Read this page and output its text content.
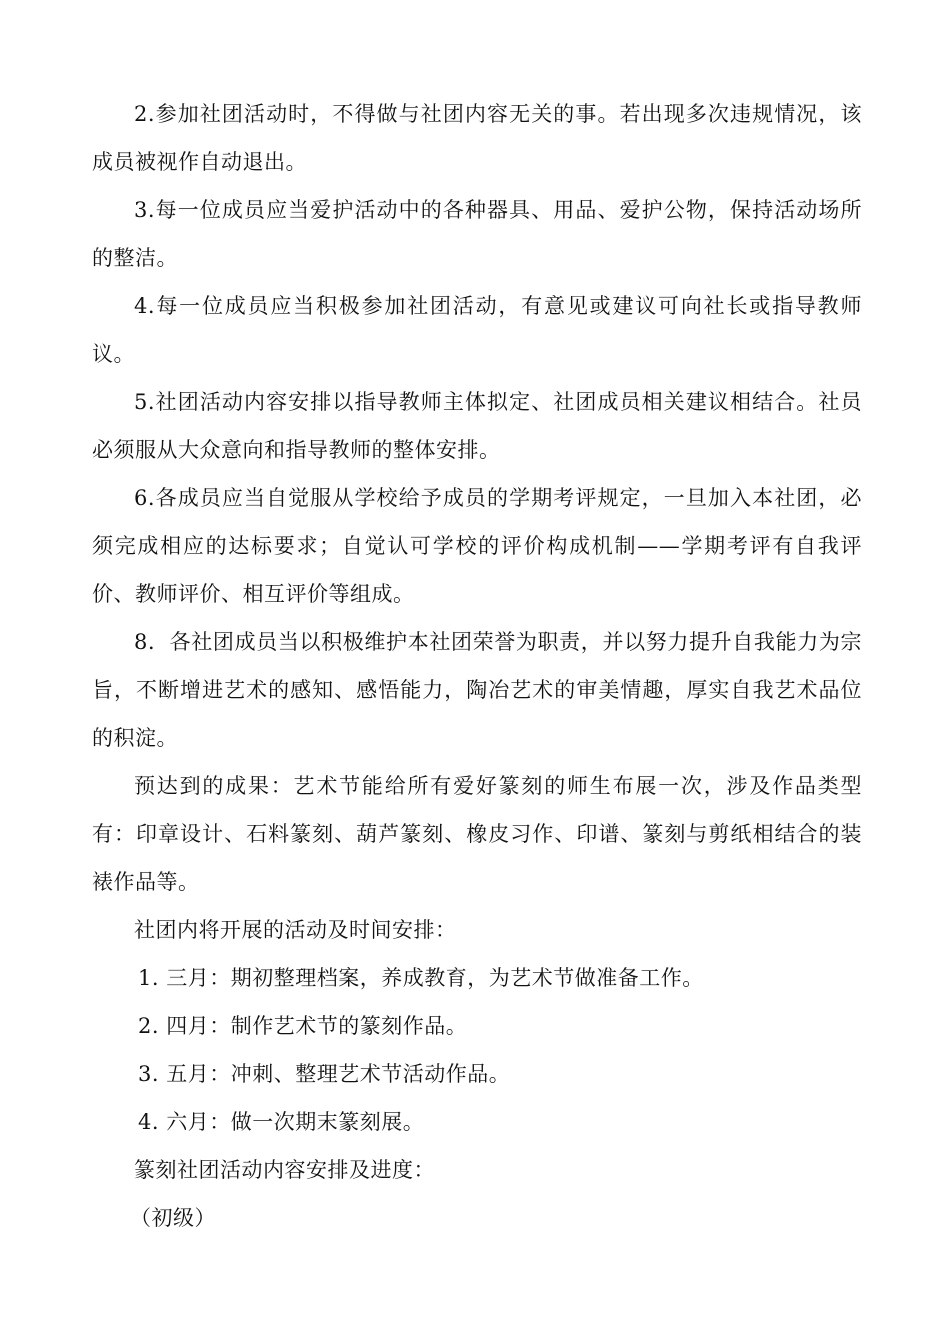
2.参加社团活动时，不得做与社团内容无关的事。若出现多次违规情况，该成员被视作自动退出。

3.每一位成员应当爱护活动中的各种器具、用品、爱护公物，保持活动场所的整洁。

4.每一位成员应当积极参加社团活动，有意见或建议可向社长或指导教师议。

5.社团活动内容安排以指导教师主体拟定、社团成员相关建议相结合。社员必须服从大众意向和指导教师的整体安排。

6.各成员应当自觉服从学校给予成员的学期考评规定，一旦加入本社团，必须完成相应的达标要求；自觉认可学校的评价构成机制——学期考评有自我评价、教师评价、相互评价等组成。

8．各社团成员当以积极维护本社团荣誉为职责，并以努力提升自我能力为宗旨，不断增进艺术的感知、感悟能力，陶冶艺术的审美情趣，厚实自我艺术品位的积淀。

预达到的成果：艺术节能给所有爱好篆刻的师生布展一次，涉及作品类型有：印章设计、石料篆刻、葫芦篆刻、橡皮习作、印谱、篆刻与剪纸相结合的装裱作品等。

社团内将开展的活动及时间安排：

1. 三月：期初整理档案，养成教育，为艺术节做准备工作。

2. 四月：制作艺术节的篆刻作品。

3. 五月：冲刺、整理艺术节活动作品。

4. 六月：做一次期末篆刻展。

篆刻社团活动内容安排及进度：

（初级）
